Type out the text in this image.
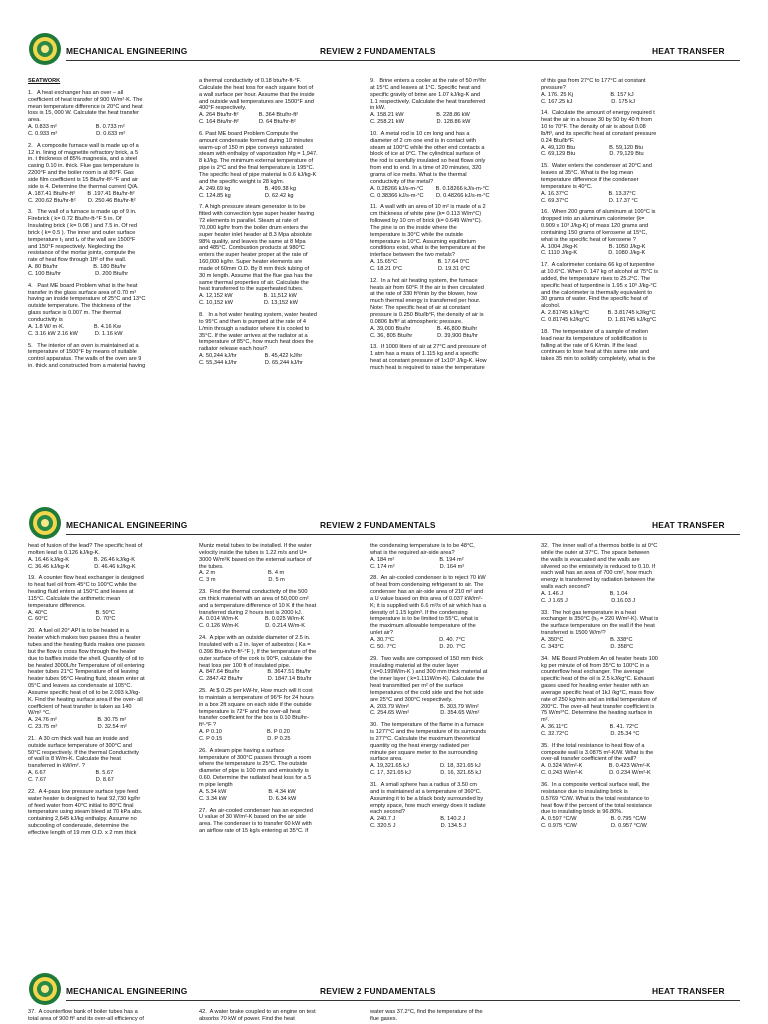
MECHANICAL ENGINEERING	REVIEW 2 FUNDAMENTALS	HEAT TRANSFER
SEATWORK
1.   A heat exchanger has an over – all
coefficient of heat transfer of 900 W/m²·K. The
mean temperature difference is 20°C and heat
loss is 15, 000 W. Calculate the heat transfer
area.
A. 0.833 m²                         B. 0.733 m²
C. 0.933 m²                         D. 0.633 m²
2.   A composite furnace wall is made up of a
12 in. lining of magnetite refractory brick, a 5
in. t thickness of 85% magnesia, and a steel
casing 0.10 in. thick. Flue gas temperature is
2200°F and the boiler room is at 80°F. Gas
side film coefficient is 15 Btu/hr-ft²-°F and air
side is 4. Determine the thermal current Q/A.
A .187.41 Btu/hr-ft²        B .197.41 Btu/hr-ft²
C. 200.62 Btu/hr-ft²        D. 250.46 Btu/hr-ft²
3.   The wall of a furnace is made up of 9 in.
Firebrick ( k= 0.72 Btu/hr-ft-°F 5 in. Of
Insulating brick ( k= 0.08 ) and 7.5 in. Of red
brick ( k= 0.5 ). The inner and outer surface
temperature t₁ and t₄ of the wall are 1500°F
and 150°F respectively. Neglecting the
resistance of the mortar joints, compute the
rate of heat flow through 1ft² of the wall.
A. 80 Btu/hr                       B. 180 Btu/hr
C. 100 Btu/hr                      D. 200 Btu/hr
4.   Past ME board Problem what is the heat
transfer in the glass surface area of 0.70 m²
having an inside temperature of 25°C and 13°C
outside temperature. The thickness of the
glass surface is 0.007 m. The thermal
conductivity is
A. 1.8 W/ m·K.                   B. 4.16 Kw
C. 3.16 kW 2.16 kW           D. 1.16 kW
5.   The interior of an oven is maintained at a
temperature of 1500°F by means of suitable
control apparatus. The walls of the oven are 9
in. thick and constructed from a material having
a thermal conductivity of 0.18 btu/hr-ft-°F.
Calculate the heat loss for each square foot of
a wall surface per hour. Assume that the inside
and outside wall temperatures are 1500°F and
400°F respectively.
A. 264 Btu/hr-ft²             B. 364 Btu/hr-ft²
C. 164 Btu/hr-ft²             D. 64 Btu/hr-ft²
6. Past ME board Problem Compute the
amount condensate formed during 10 minutes
warm-up of 150 m pipe conveys saturated
steam with enthalpy of vaporization hfg = 1,947.
8 kJ/kg. The minimum external temperature of
pipe is 2°C and the final temperature is 195°C.
The specific heat of pipe material is 0.6 kJ/kg-K
and the specific weight is 28 kg/m.
A. 249.69 kg                      B. 499.38 kg
C. 124.85 kg                      D. 62.42 kg
7. A high pressure steam generator is to be
fitted with convection type super heater having
72 elements in parallel. Steam at rate of
70,000 kg/hr from the boiler drum enters the
super heater inlet header at 8.3 Mpa absolute
98% quality, and leaves the same at 8 Mpa
and 485°C. Combustion products at 980°C
enters the super heater proper at the rate of
160,000 kg/hr. Super heater elements are
made of 60mm O.D. By 8 mm thick tubing of
30 m length. Assume that the flue gas has the
same thermal properties of air. Calculate the
heat transferred to the superheated tubes.
A. 12,152 kW                    B. 11,512 kW
C. 10,152 kW                    D. 13,152 kW
8.   In a hot water heating system, water heated
to 95°C and then is pumped at the rate of 4
L/min through a radiator where it is cooled to
35°C. If the water arrives at the radiator at a
temperature of 85°C, how much heat does the
radiator release each hour?
A. 50,244 kJ/hr                  B. 45,422 kJ/hr
C. 55,344 kJ/hr                  D. 65,244 kJ/hr
9.   Brine enters a cooler at the rate of 50 m³/hr
at 15°C and leaves at 1°C. Specific heat and
specific gravity of brine are 1.07 kJ/kg-K and
1.1 respectively. Calculate the heat transferred
in kW.
A. 158.21 kW                     B. 228.86 kW
C. 258.21 kW                     D. 128.86 kW
10.  A metal rod is 10 cm long and has a
diameter of 2 cm one end is in contact with
steam at 100°C while the other end contacts a
block of ice at 0°C. The cylindrical surface of
the rod is carefully insulated so heat flows only
from end to end. In a time of 20 minutes, 320
grams of ice melts. What is the thermal
conductivity of the metal?
A. 0.28266 kJ/s-m-°C        B. 0.18266 kJ/s-m-°C
C. 0.38366 kJ/s-m-°C        D. 0.48266 kJ/s-m-°C
11.  A wall with an area of 10 m² is made of a 2
cm thickness of white pine (k= 0.113 W/m°C)
followed by 10 cm of brick (k= 0.649 W/m°C).
The pine is on the inside where the
temperature is 30°C while the outside
temperature is 10°C. Assuming equilibrium
conditions exist, what is the temperature at the
interface between the two metals?
A. 15.65°C                          B. 17.64 0°C
C. 18.21 0°C                       D. 19.31 0°C
12.  In a hot air heating system, the furnace
heats air from 60°F. If the air is then circulated
at the rate of 330 ft³/min by the blower, how
much thermal energy is transferred per hour.
Note: The specific heat of air at constant
pressure is 0.250 Btu/lb°F, the density of air is
0.0806 lb/ft³ at atmospheric pressure.
A. 39,000 Btu/hr                 B. 46,800 Btu/hr
C. 36, 805 Btu/hr                D. 39,900 Btu/hr
13.  If 1000 liters of air at 27°C and pressure of
1 atm has a mass of 1.115 kg and a specific
heat at constant pressure of 1x10³ J/kg-K. How
much heat is required to raise the temperature
of this gas from 27°C to 177°C at constant
pressure?
A. 176. 25 Kj                        B. 157 kJ
C. 167.25 kJ                         D. 175 kJ
14.  Calculate the amount of energy required t
heat the air in a house 30 by 50 by 40 ft from
10 to 70°F. The density of air is about 0.08
lb/ft³, and its specific heat at constant pressure
0.24 Btu/lb°F.
A. 49,120 Btu                      B. 59,120 Btu
C. 69,129 Btu                      D. 79,129 Btu
15.  Water enters the condenser at 20°C and
leaves at 35°C. What is the log mean
temperature difference if the condenser
temperature is 40°C.
A. 16.37°C                          B. 13.37°C
C. 69.37°C                          D. 17.37 °C
16.  When 200 grams of aluminum at 100°C is
dropped into an aluminum calorimeter (k=
0.909 x 10³ J/kg-K) of mass 120 grams and
containing 150 grams of kerosene at 15°C,
what is the specific heat of kerosene ?
A. 1004 J/kg-K                    B. 1050 J/kg-K
C. 1110 J/kg-K                    D. 1080 J/kg-K
17.  A calorimeter contains 66 kg of turpentine
at 10.6°C. When 0. 147 kg of alcohol at 75°C is
added, the temperature rises to 25.2°C. The
specific heat of turpentine is 1.95 x 10³ J/kg-°C
and the calorimeter is thermally equivalent to
30 grams of water. Find the specific heat of
alcohol.
A. 2.81745 kJ/kg°C            B. 3.81745 kJ/kg°C
C. 0.81745 kJ/kg°C            D. 1.81745 kJ/kg°C
18.  The temperature of a sample of molten
lead near its temperature of solidification is
falling at the rate of 6 K/min. If the lead
continues to lose heat at this same rate and
takes 35 min to solidify completely, what is the
MECHANICAL ENGINEERING	REVIEW 2 FUNDAMENTALS	HEAT TRANSFER
heat of fusion of the lead? The specific heat of
molten lead is 0.126 kJ/kg-K.
A. 16.46 kJ/kg-K                B. 26.46 kJ/kg-K
C. 36.46 kJ/kg-K                D. 46.46 kJ/kg-K
19.  A counter flow heat exchanger is designed
to heat fuel oil from 45°C to 100°C while the
heating fluid enters at 150°C and leaves at
115°C. Calculate the arithmetic mean
temperature difference.
A. 40°C                               B. 50°C
C. 60°C                               D. 70°C
20.  A fuel oil 20° API is to be heated in a
heater which makes two passes thru a heater
tubes and the heating fluids makes one passes
but the flow is cross flow through the heater
due to baffles inside the shell. Quantity of oil to
be heated 3000L/hr Temperature of oil entering
heater tubes 21°C Temperature of oil leaving
heater tubes 95°C Heating fluid, steam enter at
05°C and leaves as condensate at 105°C.
Assume specific heat of oil to be 2.093 kJ/kg-
K. Find the heating surface area if the over- all
coefficient of heat transfer is taken as 140
W/m² °C.
A. 24.76 m²                          B. 30.75 m²
C. 23.75 m²                          D. 32.54 m²
21.  A 30 cm thick wall has an inside and
outside surface temperature of 300°C and
50°C respectively. If the thermal Conductivity
of wall is 8 W/m-K. Calculate the heat
transferred in kW/m². ?
A. 6.67                                B. 5.67
C. 7.67                                D. 8.67
22.  A 4-pass low pressure surface type feed
water heater is designed to heat 92,730 kg/hr
of feed water from 40°C initial to 80°C final
temperature using steam bleed at 70 kPa abs.
containing 2,645 kJ/kg enthalpy. Assume no
subcooling of condensate, determine the
effective length of 19 mm O.D. x 2 mm thick
Muntz metal tubes to be installed. If the water
velocity inside the tubes is 1.22 m/s and U=
3000 W/m²K based on the external surface of
the tubes.
A. 2 m                                  B. 4 m
C. 3 m                                  D. 5 m
23.  Find the thermal conductivity of the 500
cm thick material with an area of 50,000 cm²
and a temperature difference of 10 K if the heat
transferred during 2 hours test is 2000 kJ.
A. 0.014 W/m-K                 B. 0.025 W/m-K
C. 0.126 W/m-K                 D. 0.214 W/m-K
24.  A pipe with an outside diameter of 2.5 in.
Insulated with a 2 in. layer of asbestos ( Ka =
0.396 Btu-in/hr-ft²-°F ), If the temperature of the
outer surface of the cork is 90°F, calculate the
heat loss per 100 ft of insulated pipe.
A. 847.64 Btu/hr                  B. 3647.51 Btu/hr
C. 2847.42 Btu/hr                D. 1847.14 Btu/hr
25.  At $ 0.25 per kW-hr, How much will it cost
to maintain a temperature of 96°F for 24 hours
in a box 2ft square on each side if the outside
temperature is 72°F and the over-all heat
transfer coefficient for the box is 0.10 Btu/hr-
ft²-°F ?
A. P 0.10                             B. P 0.20
C. P 0.15                             D. P 0.25
26.  A steam pipe having a surface
temperature of 300°C passes through a room
where the temperature is 25°C. The outside
diameter of pipe is 100 mm and emissivity is
0.60. Determine the radiated heat loss for a 5
m pipe length
A. 5.34 kW                           B. 4.34 kW
C. 3.34 kW                           D. 6.34 kW
27.  An air-cooled condenser has an expected
U value of 30 W/m²-K based on the air side
area. The condenser is to transfer 60 kW with
an airflow rate of 15 kg/s entering at 35°C. If
the condensing temperature is to be 48°C,
what is the required air-side area?
A. 184 m²                             B. 194 m²
C. 174 m²                             D. 164 m²
28.  An air-cooled condenser is to reject 70 kW
of heat from condensing refrigerant to air. The
condenser has an air-side area of 210 m² and
a U value based on this area of 0.037 kW/m²-
K; it is supplied with 6.6 m³/s of air which has a
density of 1.15 kg/m³. If the condensing
temperature is to be limited to 55°C, what is
the maximum allowable temperature of the
unlet air?
A. 30.7°C                             D. 40. 7°C
C. 50. 7°C                            D. 20. 7°C
29.  Two walls are composed of 150 mm thick
insulating material at the outer layer
( k=0.199W/m-K ) and 300 mm thick material at
the inner layer ( k=1.111W/m-K). Calculate the
heat transmitted per m² of the surface
temperatures of the cold side and the hot side
are 25°C and 300°C respectively.
A. 203.79 W/m²                    B. 303.79 W/m²
C. 254.65 W/m²                    D. 354.65 W/m²
30.  The temperature of the flame in a furnace
is 1277°C and the temperature of its surrounds
is 277°C. Calculate the maximum theoretical
quantity og the heat energy radiated per
minute per square meter to the surrounding
surface area.
A. 19,321.65 kJ                    D. 18, 321.65 kJ
C. 17, 321.65 kJ                   D. 16, 321.65 kJ
31.  A small sphere has a radius of 3.50 cm
and is maintained at a temperature of 360°C.
Assuming it to be a black body surrounded by
empty space, how much energy does it radiate
each second?
A. 240.7 J                             B. 140.2 J
C. 320.5 J                             D. 134.5 J
32.  The inner wall of a thermos bottle is at 0°C
while the outer at 37°C. The space between
the walls is evacuated and the walls are
silvered so the emissivity is reduced to 0.10. If
each wall has an area of 700 cm², how much
energy is transferred by radiation between the
walls each second?
A. 1.46 J                              B. 1.04
C. J 1.65 J                            D.16.03 J
33.  The hot gas temperature in a heat
exchanger is 350°C (hₒ = 220 W/m²-K). What is
the surface temperature on the wall if the heat
transferred is 1500 W/m²?
A. 350°C                              B. 338°C
C. 343°C                              D. 358°C
34.  ME Board Problem An oil heater heats 100
kg per minute of oil from 35°C to 100°C in a
counterflow heat exchanger. The average
specific heat of the oil is 2.5 kJ/kg°C. Exhaust
gases used for heating enter heater with an
average specific heat of 1kJ /kg°C, mass flow
rate of 250 kg/min and an initial temperature of
200°C. The over-all heat transfer coefficient is
75 W/m²°C. Determine the heating surface in
m².
A. 36.11°C                           B. 41. 72°C
C. 32.72°C                           D. 25.34 °C
35.  If the total resistance to heat flow of a
composite wall is 3.0875 m²-K/W. What is the
over-all transfer coefficient of the wall?
A. 0.324 W/m²-K                 B. 0.423 W/m²-K
C. 0.243 W/m²-K                 D. 0.234 W/m²-K
36.  In a composite vertical surface wall, the
resistance due to insulating brick is
0.5769 °C/W. What is the total resistance to
heat flow if the percent of the total resistance
due to insulating brick is 96.80%.
A. 0.597 °C/W                      B. 0.795 °C/W
C. 0.975 °C/W                      D. 0.957 °C/W
MECHANICAL ENGINEERING	REVIEW 2 FUNDAMENTALS	HEAT TRANSFER
37.  A counterflow bank of boiler tubes has a
total area of 900 ft² and its over-all efficiency of
42.  A water brake coupled to an engine on test
absorbs 70 kW of power. Find the heat
water was 37.2°C, find the temperature of the
flue gases.
